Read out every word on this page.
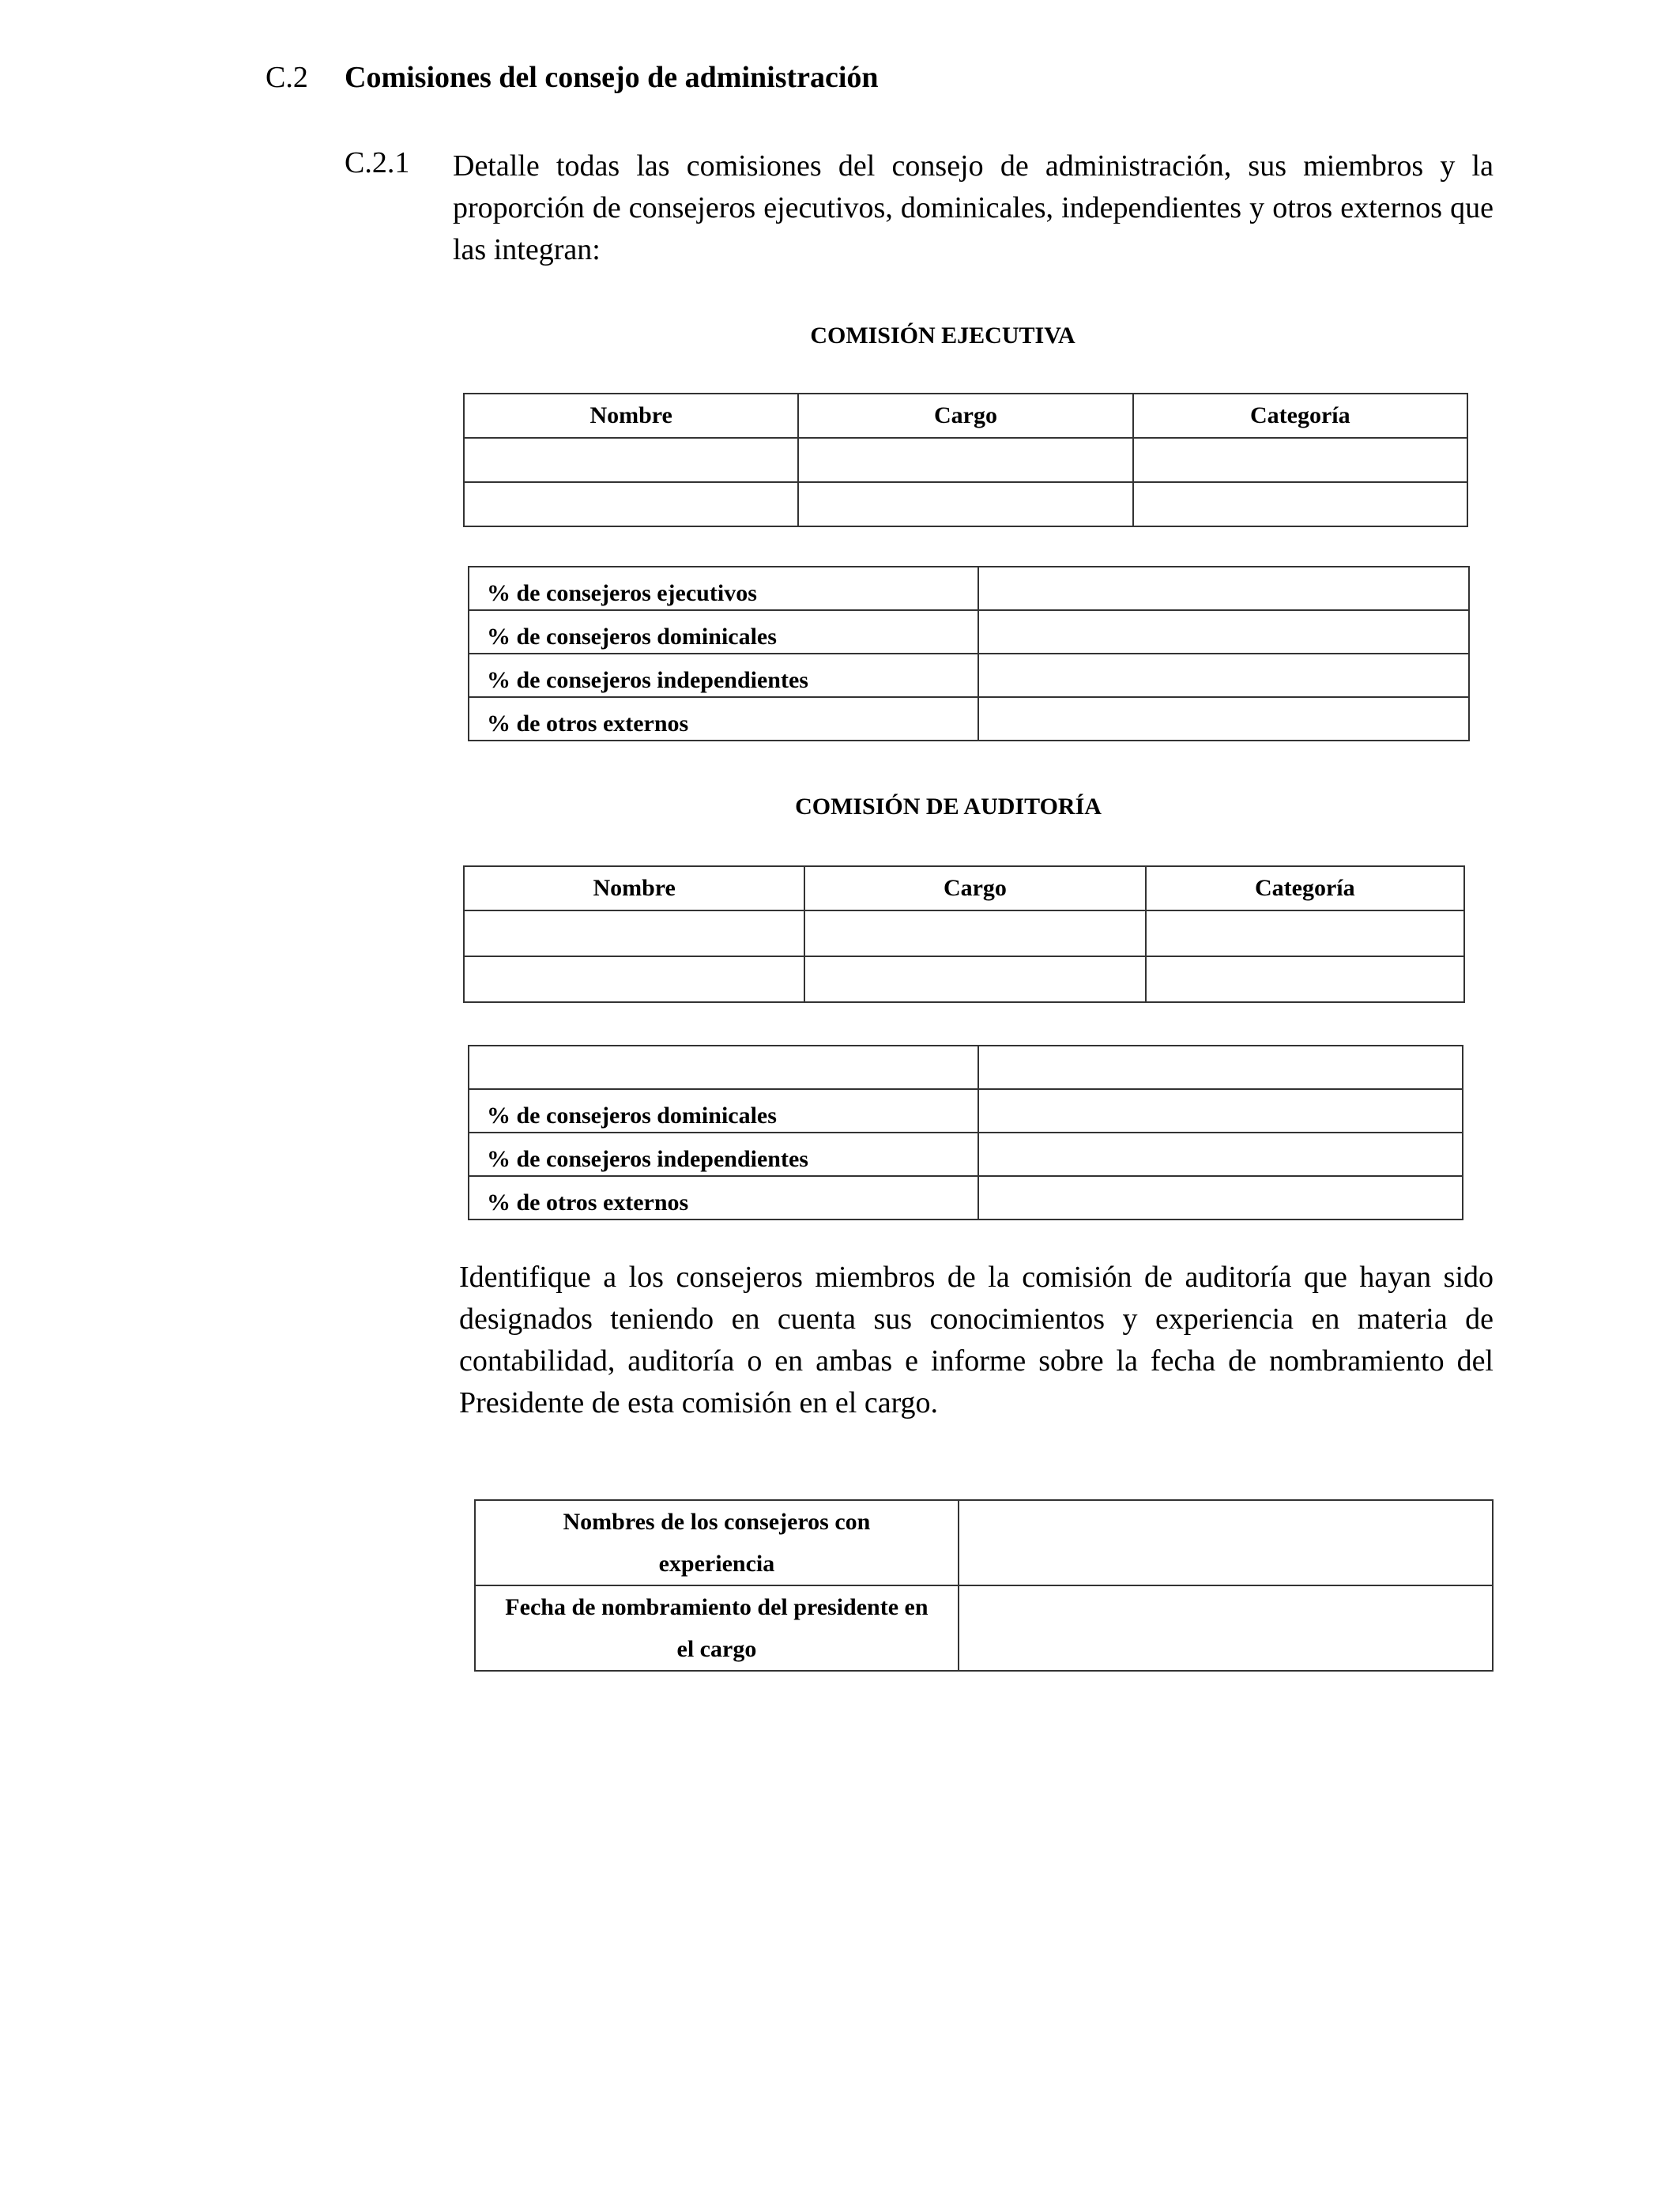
C.2 Comisiones del consejo de administración
C.2.1 Detalle todas las comisiones del consejo de administración, sus miembros y la proporción de consejeros ejecutivos, dominicales, independientes y otros externos que las integran:
COMISIÓN EJECUTIVA
Nombre	Cargo	Categoría

% de consejeros ejecutivos	
% de consejeros dominicales	
% de consejeros independientes	
% de otros externos	
COMISIÓN DE AUDITORÍA
Nombre	Cargo	Categoría

% de consejeros dominicales	
% de consejeros independientes	
% de otros externos	
Identifique a los consejeros miembros de la comisión de auditoría que hayan sido designados teniendo en cuenta sus conocimientos y experiencia en materia de contabilidad, auditoría o en ambas e informe sobre la fecha de nombramiento del Presidente de esta comisión en el cargo.
Nombres de los consejeros con experiencia	

Fecha de nombramiento del presidente en el cargo	
